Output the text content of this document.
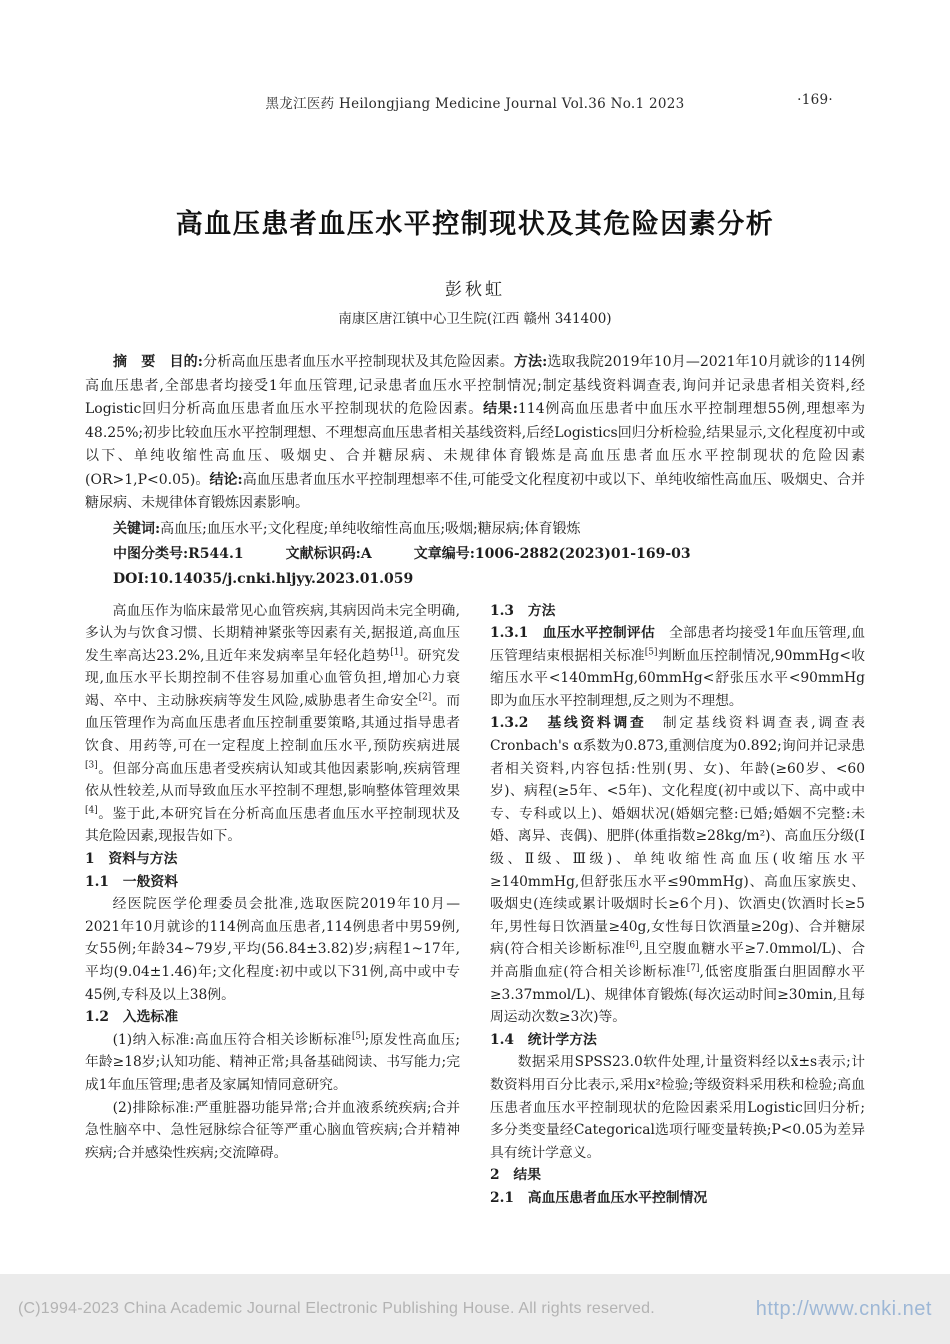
黑龙江医药 Heilongjiang Medicine Journal Vol.36 No.1 2023	·169·
高血压患者血压水平控制现状及其危险因素分析
彭秋虹
南康区唐江镇中心卫生院(江西 赣州 341400)

摘　要　目的:分析高血压患者血压水平控制现状及其危险因素。方法:选取我院2019年10月—2021年10月就诊的114例高血压患者,全部患者均接受1年血压管理,记录患者血压水平控制情况;制定基线资料调查表,询问并记录患者相关资料,经Logistic回归分析高血压患者血压水平控制现状的危险因素。结果:114例高血压患者中血压水平控制理想55例,理想率为48.25%;初步比较血压水平控制理想、不理想高血压患者相关基线资料,后经Logistics回归分析检验,结果显示,文化程度初中或以下、单纯收缩性高血压、吸烟史、合并糖尿病、未规律体育锻炼是高血压患者血压水平控制现状的危险因素(OR>1,P<0.05)。结论:高血压患者血压水平控制理想率不佳,可能受文化程度初中或以下、单纯收缩性高血压、吸烟史、合并糖尿病、未规律体育锻炼因素影响。

关键词:高血压;血压水平;文化程度;单纯收缩性高血压;吸烟;糖尿病;体育锻炼

中图分类号:R544.1　　　文献标识码:A　　　文章编号:1006-2882(2023)01-169-03

DOI:10.14035/j.cnki.hljyy.2023.01.059

高血压作为临床最常见心血管疾病,其病因尚未完全明确,多认为与饮食习惯、长期精神紧张等因素有关,据报道,高血压发生率高达23.2%,且近年来发病率呈年轻化趋势[1]。研究发现,血压水平长期控制不佳容易加重心血管负担,增加心力衰竭、卒中、主动脉疾病等发生风险,威胁患者生命安全[2]。而血压管理作为高血压患者血压控制重要策略,其通过指导患者饮食、用药等,可在一定程度上控制血压水平,预防疾病进展[3]。但部分高血压患者受疾病认知或其他因素影响,疾病管理依从性较差,从而导致血压水平控制不理想,影响整体管理效果[4]。鉴于此,本研究旨在分析高血压患者血压水平控制现状及其危险因素,现报告如下。

1　资料与方法
1.1　一般资料

经医院医学伦理委员会批准,选取医院2019年10月—2021年10月就诊的114例高血压患者,114例患者中男59例,女55例;年龄34~79岁,平均(56.84±3.82)岁;病程1~17年,平均(9.04±1.46)年;文化程度:初中或以下31例,高中或中专45例,专科及以上38例。

1.2　入选标准

(1)纳入标准:高血压符合相关诊断标准[5];原发性高血压;年龄≥18岁;认知功能、精神正常;具备基础阅读、书写能力;完成1年血压管理;患者及家属知情同意研究。

(2)排除标准:严重脏器功能异常;合并血液系统疾病;合并急性脑卒中、急性冠脉综合征等严重心脑血管疾病;合并精神疾病;合并感染性疾病;交流障碍。

1.3　方法

1.3.1　血压水平控制评估　全部患者均接受1年血压管理,血压管理结束根据相关标准[5]判断血压控制情况,90mmHg<收缩压水平<140mmHg,60mmHg<舒张压水平<90mmHg即为血压水平控制理想,反之则为不理想。

1.3.2　基线资料调查　制定基线资料调查表,调查表Cronbach's α系数为0.873,重测信度为0.892;询问并记录患者相关资料,内容包括:性别(男、女)、年龄(≥60岁、<60岁)、病程(≥5年、<5年)、文化程度(初中或以下、高中或中专、专科或以上)、婚姻状况(婚姻完整:已婚;婚姻不完整:未婚、离异、丧偶)、肥胖(体重指数≥28kg/m²)、高血压分级(Ⅰ级、Ⅱ级、Ⅲ级)、单纯收缩性高血压(收缩压水平≥140mmHg,但舒张压水平≤90mmHg)、高血压家族史、吸烟史(连续或累计吸烟时长≥6个月)、饮酒史(饮酒时长≥5年,男性每日饮酒量≥40g,女性每日饮酒量≥20g)、合并糖尿病(符合相关诊断标准[6],且空腹血糖水平≥7.0mmol/L)、合并高脂血症(符合相关诊断标准[7],低密度脂蛋白胆固醇水平≥3.37mmol/L)、规律体育锻炼(每次运动时间≥30min,且每周运动次数≥3次)等。

1.4　统计学方法

数据采用SPSS23.0软件处理,计量资料经以x̄±s表示;计数资料用百分比表示,采用x²检验;等级资料采用秩和检验;高血压患者血压水平控制现状的危险因素采用Logistic回归分析;多分类变量经Categorical选项行哑变量转换;P<0.05为差异具有统计学意义。

2　结果
2.1　高血压患者血压水平控制情况
(C)1994-2023 China Academic Journal Electronic Publishing House. All rights reserved.	http://www.cnki.net
